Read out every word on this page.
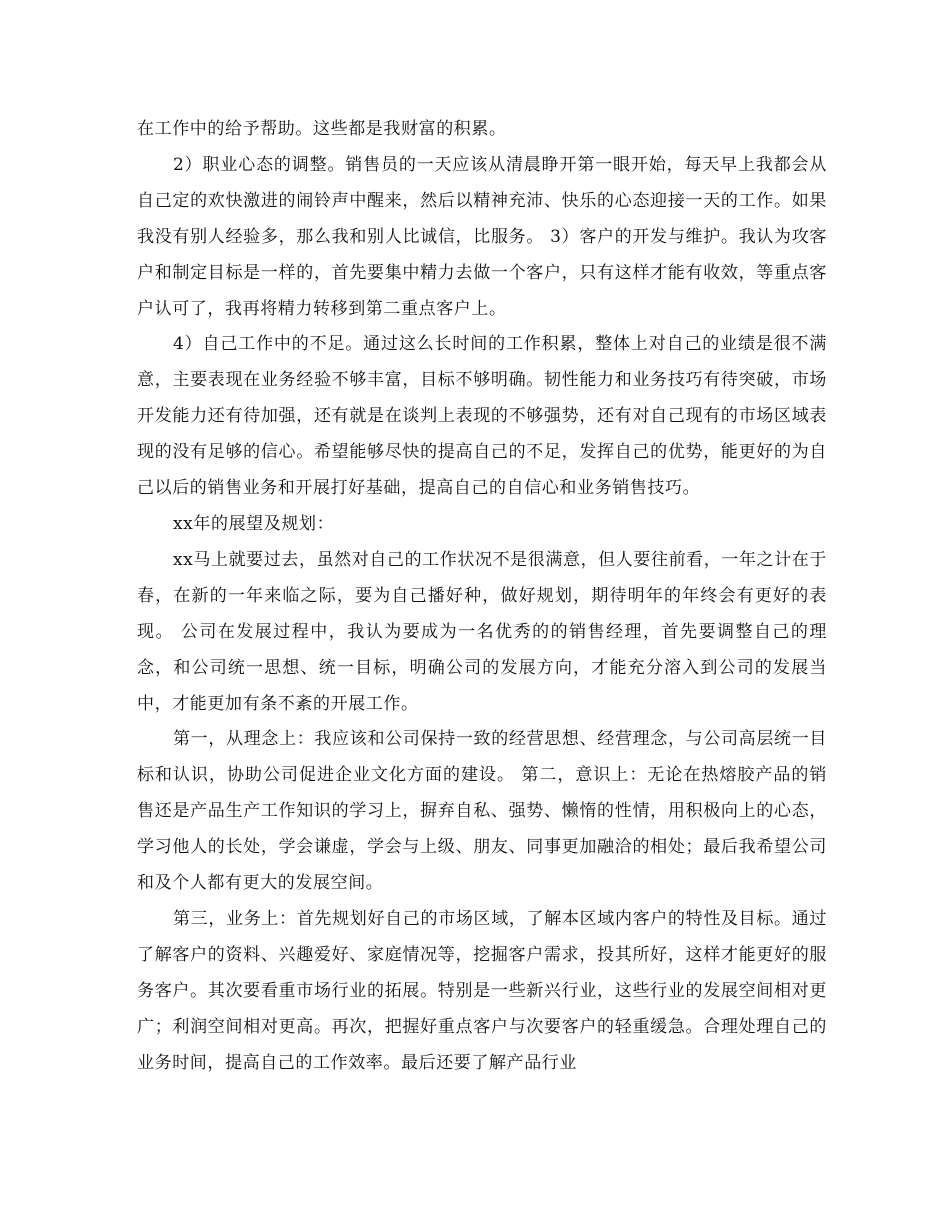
在工作中的给予帮助。这些都是我财富的积累。

2）职业心态的调整。销售员的一天应该从清晨睁开第一眼开始，每天早上我都会从自己定的欢快激进的闹铃声中醒来，然后以精神充沛、快乐的心态迎接一天的工作。如果我没有别人经验多，那么我和别人比诚信，比服务。 3）客户的开发与维护。我认为攻客户和制定目标是一样的，首先要集中精力去做一个客户，只有这样才能有收效，等重点客户认可了，我再将精力转移到第二重点客户上。

4）自己工作中的不足。通过这么长时间的工作积累，整体上对自己的业绩是很不满意，主要表现在业务经验不够丰富，目标不够明确。韧性能力和业务技巧有待突破，市场开发能力还有待加强，还有就是在谈判上表现的不够强势，还有对自己现有的市场区域表现的没有足够的信心。希望能够尽快的提高自己的不足，发挥自己的优势，能更好的为自己以后的销售业务和开展打好基础，提高自己的自信心和业务销售技巧。

xx年的展望及规划：

xx马上就要过去，虽然对自己的工作状况不是很满意，但人要往前看，一年之计在于春，在新的一年来临之际，要为自己播好种，做好规划，期待明年的年终会有更好的表现。 公司在发展过程中，我认为要成为一名优秀的的销售经理，首先要调整自己的理念，和公司统一思想、统一目标，明确公司的发展方向，才能充分溶入到公司的发展当中，才能更加有条不紊的开展工作。

第一，从理念上：我应该和公司保持一致的经营思想、经营理念，与公司高层统一目标和认识，协助公司促进企业文化方面的建设。 第二，意识上：无论在热熔胶产品的销售还是产品生产工作知识的学习上，摒弃自私、强势、懒惰的性情，用积极向上的心态，学习他人的长处，学会谦虚，学会与上级、朋友、同事更加融洽的相处；最后我希望公司和及个人都有更大的发展空间。

第三，业务上：首先规划好自己的市场区域，了解本区域内客户的特性及目标。通过了解客户的资料、兴趣爱好、家庭情况等，挖掘客户需求，投其所好，这样才能更好的服务客户。其次要看重市场行业的拓展。特别是一些新兴行业，这些行业的发展空间相对更广；利润空间相对更高。再次，把握好重点客户与次要客户的轻重缓急。合理处理自己的业务时间，提高自己的工作效率。最后还要了解产品行业
